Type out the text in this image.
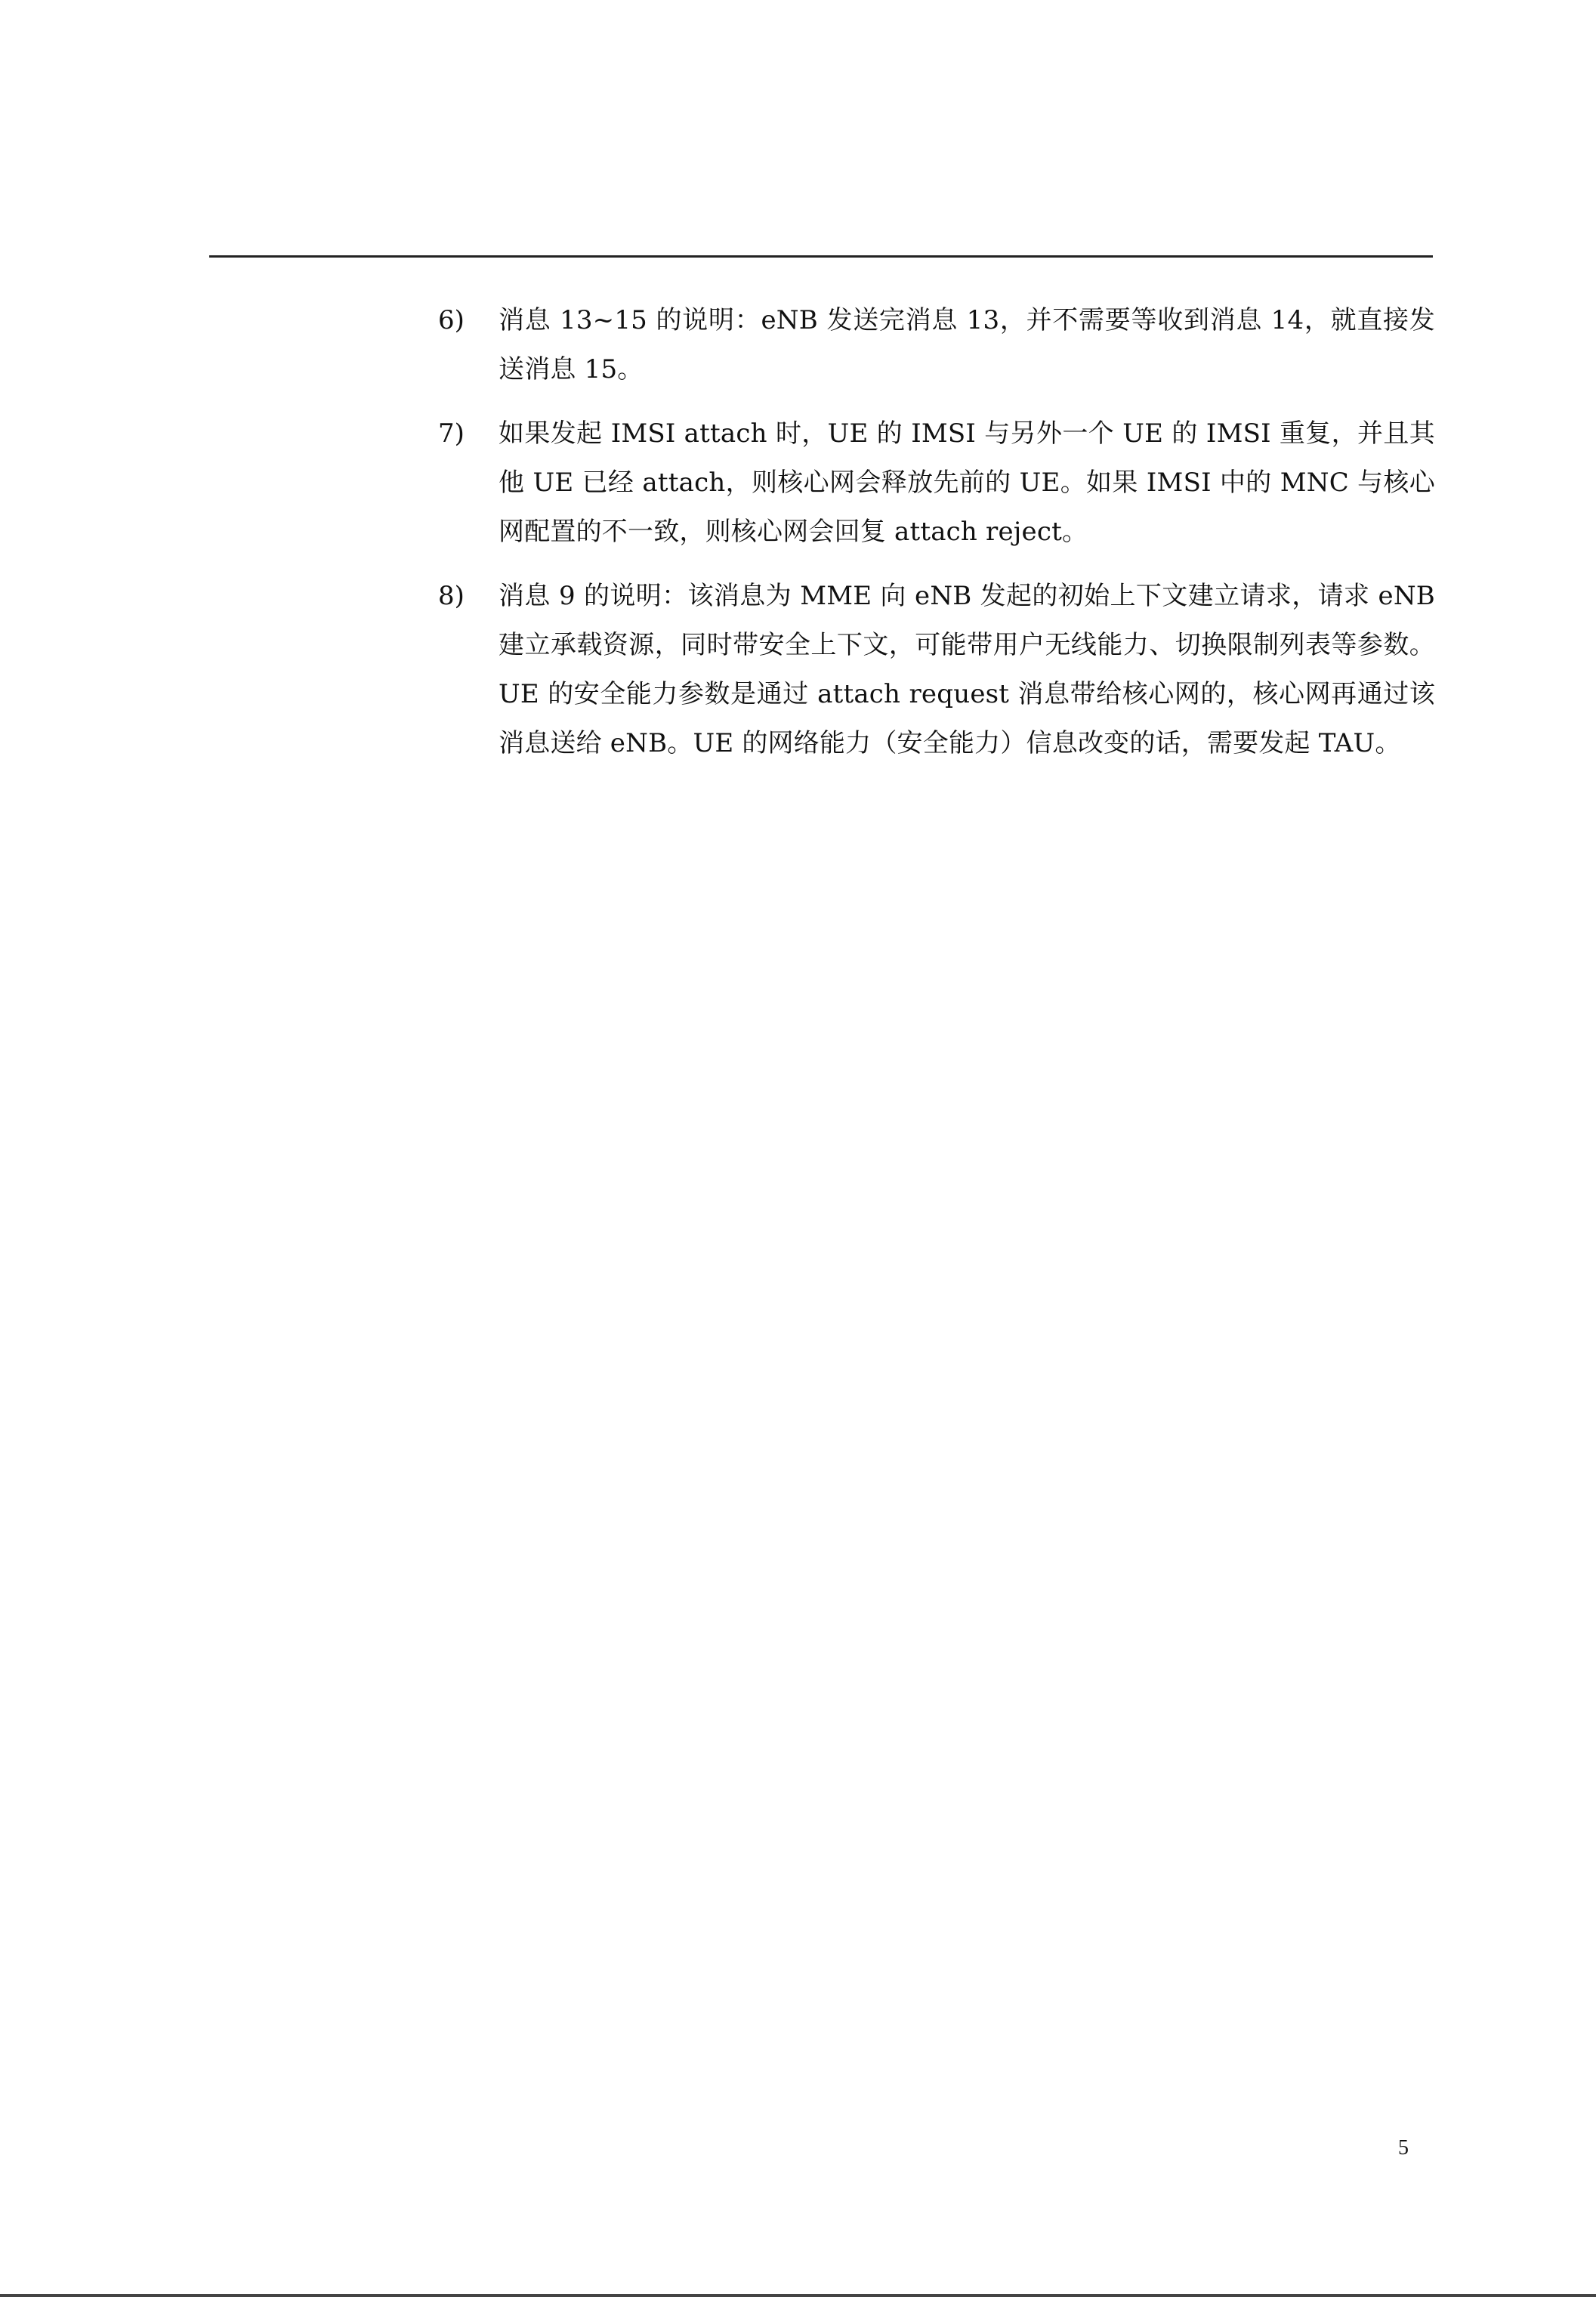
6)	消息 13~15 的说明：eNB 发送完消息 13，并不需要等收到消息 14，就直接发送消息 15。
7)	如果发起 IMSI attach 时，UE 的 IMSI 与另外一个 UE 的 IMSI 重复，并且其他 UE 已经 attach，则核心网会释放先前的 UE。如果 IMSI 中的 MNC 与核心网配置的不一致，则核心网会回复 attach reject。
8)	消息 9 的说明：该消息为 MME 向 eNB 发起的初始上下文建立请求，请求 eNB 建立承载资源，同时带安全上下文，可能带用户无线能力、切换限制列表等参数。UE 的安全能力参数是通过 attach request 消息带给核心网的，核心网再通过该消息送给 eNB。UE 的网络能力（安全能力）信息改变的话，需要发起 TAU。
5
